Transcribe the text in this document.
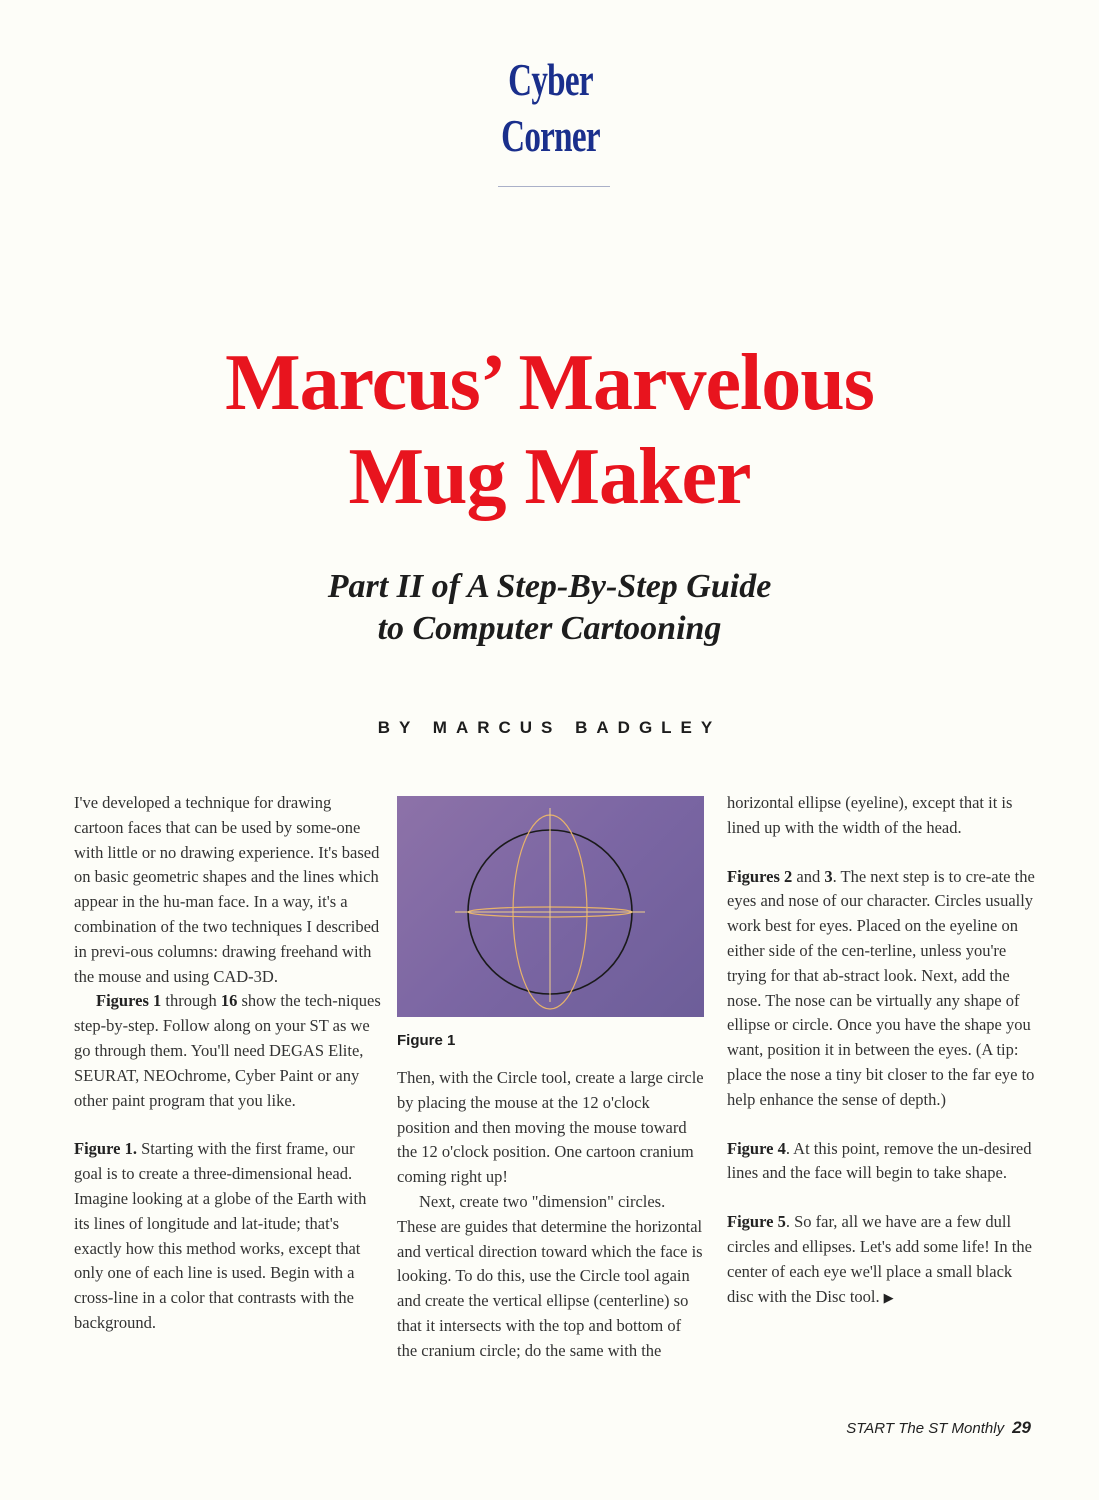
Cyber
Corner
Marcus’ Marvelous
Mug Maker
Part II of A Step-By-Step Guide
to Computer Cartooning
BY MARCUS BADGLEY

I've developed a technique for drawing cartoon faces that can be used by some-one with little or no drawing experience. It's based on basic geometric shapes and the lines which appear in the hu-man face. In a way, it's a combination of the two techniques I described in previ-ous columns: drawing freehand with the mouse and using CAD-3D.

Figures 1 through 16 show the tech-niques step-by-step. Follow along on your ST as we go through them. You'll need DEGAS Elite, SEURAT, NEOchrome, Cyber Paint or any other paint program that you like.

Figure 1. Starting with the first frame, our goal is to create a three-dimensional head. Imagine looking at a globe of the Earth with its lines of longitude and lat-itude; that's exactly how this method works, except that only one of each line is used. Begin with a cross-line in a color that contrasts with the background.

Figure 1

Then, with the Circle tool, create a large circle by placing the mouse at the 12 o'clock position and then moving the mouse toward the 12 o'clock position. One cartoon cranium coming right up!

Next, create two "dimension" circles. These are guides that determine the horizontal and vertical direction toward which the face is looking. To do this, use the Circle tool again and create the vertical ellipse (centerline) so that it intersects with the top and bottom of the cranium circle; do the same with the

horizontal ellipse (eyeline), except that it is lined up with the width of the head.

Figures 2 and 3. The next step is to cre-ate the eyes and nose of our character. Circles usually work best for eyes. Placed on the eyeline on either side of the cen-terline, unless you're trying for that ab-stract look. Next, add the nose. The nose can be virtually any shape of ellipse or circle. Once you have the shape you want, position it in between the eyes. (A tip: place the nose a tiny bit closer to the far eye to help enhance the sense of depth.)

Figure 4. At this point, remove the un-desired lines and the face will begin to take shape.

Figure 5. So far, all we have are a few dull circles and ellipses. Let's add some life! In the center of each eye we'll place a small black disc with the Disc tool. ▶

START The ST Monthly 29
